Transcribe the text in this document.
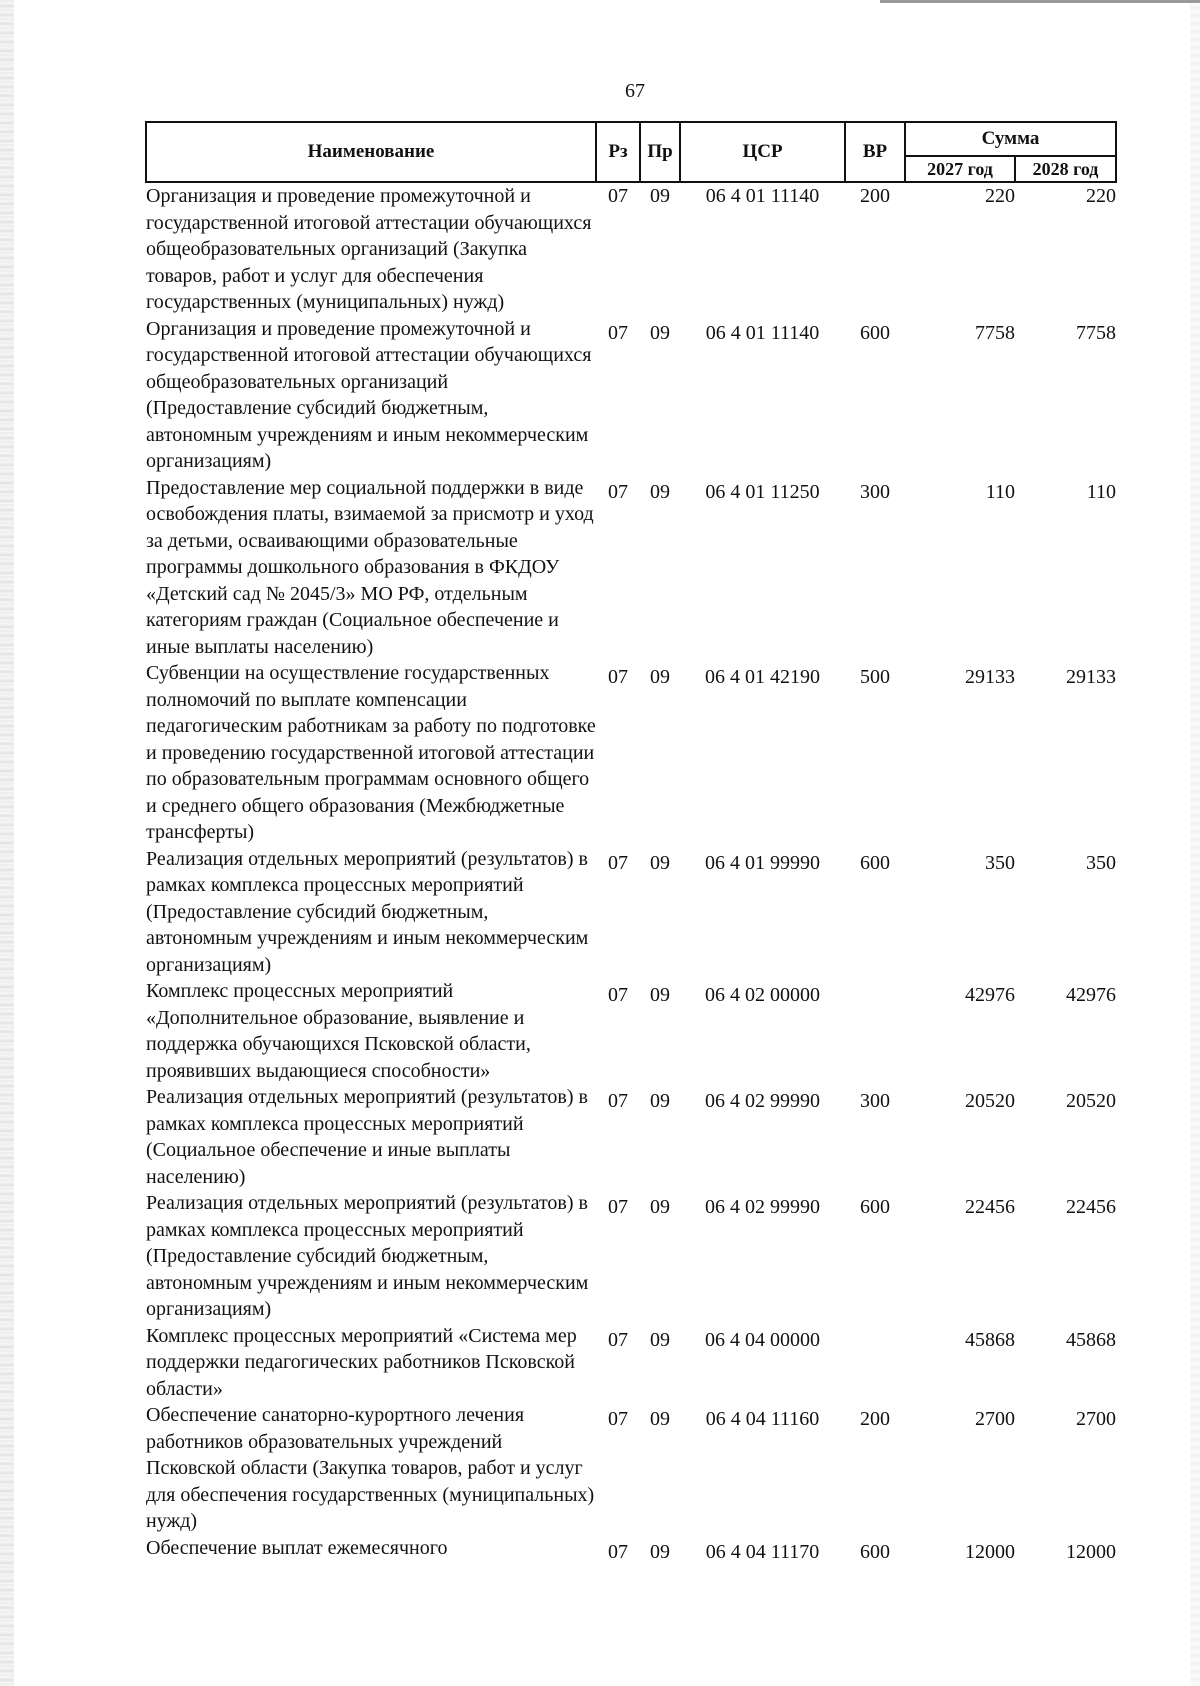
67
Наименование	Рз	Пр	ЦСР	ВР	Сумма	
					2027 год	2028 год
Организация и проведение промежуточной и государственной итоговой аттестации обучающихся общеобразовательных организаций (Закупка товаров, работ и услуг для обеспечения государственных (муниципальных) нужд)	07	09	06 4 01 11140	200	220	220
Организация и проведение промежуточной и государственной итоговой аттестации обучающихся общеобразовательных организаций (Предоставление субсидий бюджетным, автономным учреждениям и иным некоммерческим организациям)	07	09	06 4 01 11140	600	7758	7758
Предоставление мер социальной поддержки в виде освобождения платы, взимаемой за присмотр и уход за детьми, осваивающими образовательные программы дошкольного образования в ФКДОУ «Детский сад № 2045/3» МО РФ, отдельным категориям граждан (Социальное обеспечение и иные выплаты населению)	07	09	06 4 01 11250	300	110	110
Субвенции на осуществление государственных полномочий по выплате компенсации педагогическим работникам за работу по подготовке и проведению государственной итоговой аттестации по образовательным программам основного общего и среднего общего образования (Межбюджетные трансферты)	07	09	06 4 01 42190	500	29133	29133
Реализация отдельных мероприятий (результатов) в рамках комплекса процессных мероприятий (Предоставление субсидий бюджетным, автономным учреждениям и иным некоммерческим организациям)	07	09	06 4 01 99990	600	350	350
Комплекс процессных мероприятий «Дополнительное образование, выявление и поддержка обучающихся Псковской области, проявивших выдающиеся способности»	07	09	06 4 02 00000		42976	42976
Реализация отдельных мероприятий (результатов) в рамках комплекса процессных мероприятий (Социальное обеспечение и иные выплаты населению)	07	09	06 4 02 99990	300	20520	20520
Реализация отдельных мероприятий (результатов) в рамках комплекса процессных мероприятий (Предоставление субсидий бюджетным, автономным учреждениям и иным некоммерческим организациям)	07	09	06 4 02 99990	600	22456	22456
Комплекс процессных мероприятий «Система мер поддержки педагогических работников Псковской области»	07	09	06 4 04 00000		45868	45868
Обеспечение санаторно-курортного лечения работников образовательных учреждений Псковской области (Закупка товаров, работ и услуг для обеспечения государственных (муниципальных) нужд)	07	09	06 4 04 11160	200	2700	2700
Обеспечение выплат ежемесячного	07	09	06 4 04 11170	600	12000	12000
